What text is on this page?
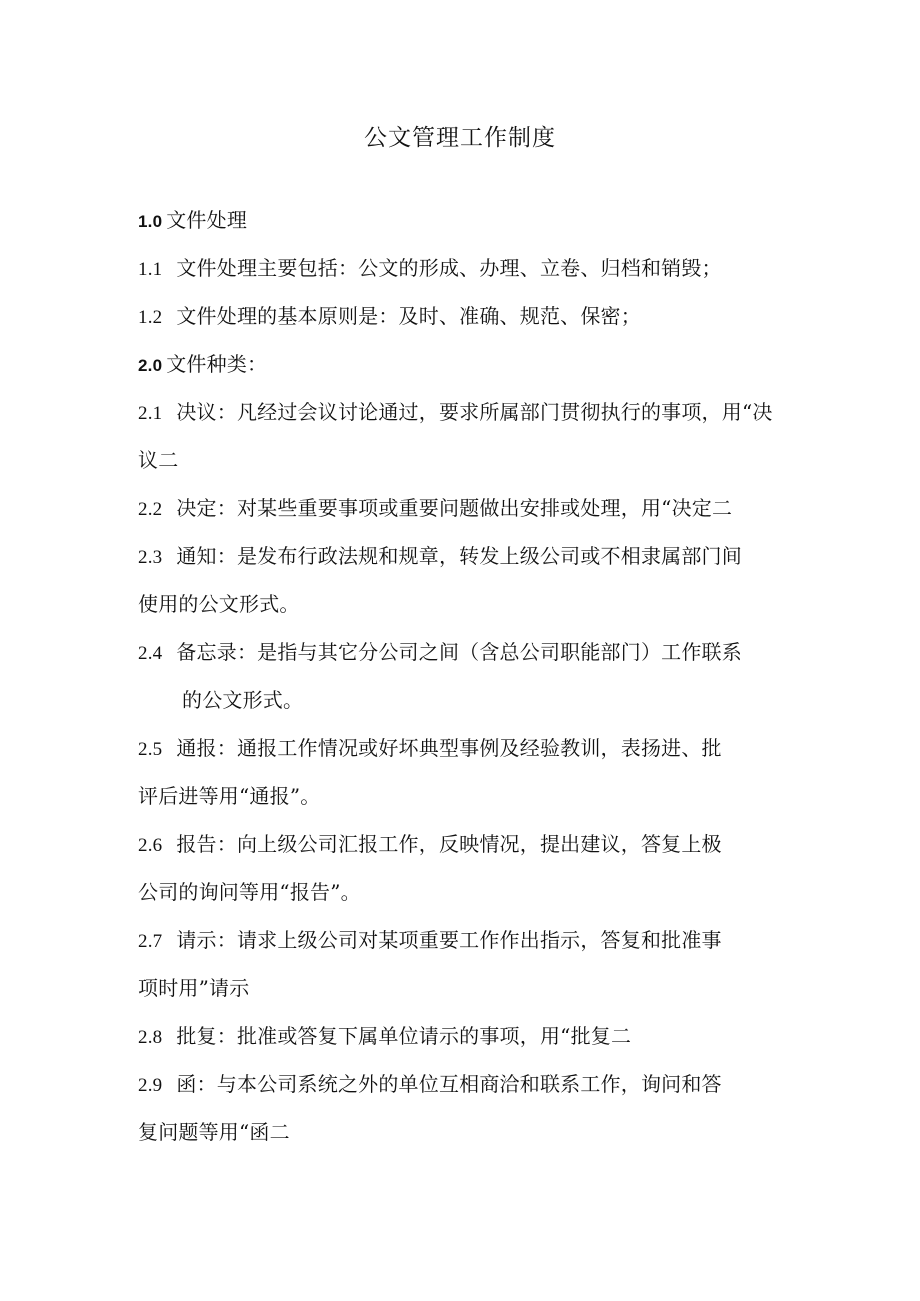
公文管理工作制度
1.0 文件处理
1.1 文件处理主要包括：公文的形成、办理、立卷、归档和销毁；
1.2 文件处理的基本原则是：及时、准确、规范、保密；
2.0 文件种类：
2.1 决议：凡经过会议讨论通过，要求所属部门贯彻执行的事项，用“决
议二
2.2 决定：对某些重要事项或重要问题做出安排或处理，用“决定二
2.3 通知：是发布行政法规和规章，转发上级公司或不相隶属部门间
使用的公文形式。
2.4 备忘录：是指与其它分公司之间（含总公司职能部门）工作联系
的公文形式。
2.5 通报：通报工作情况或好坏典型事例及经验教训，表扬进、批
评后进等用“通报”。
2.6 报告：向上级公司汇报工作，反映情况，提出建议，答复上极
公司的询问等用“报告”。
2.7 请示：请求上级公司对某项重要工作作出指示，答复和批准事
项时用”请示
2.8 批复：批准或答复下属单位请示的事项，用“批复二
2.9 函：与本公司系统之外的单位互相商洽和联系工作，询问和答
复问题等用“函二
